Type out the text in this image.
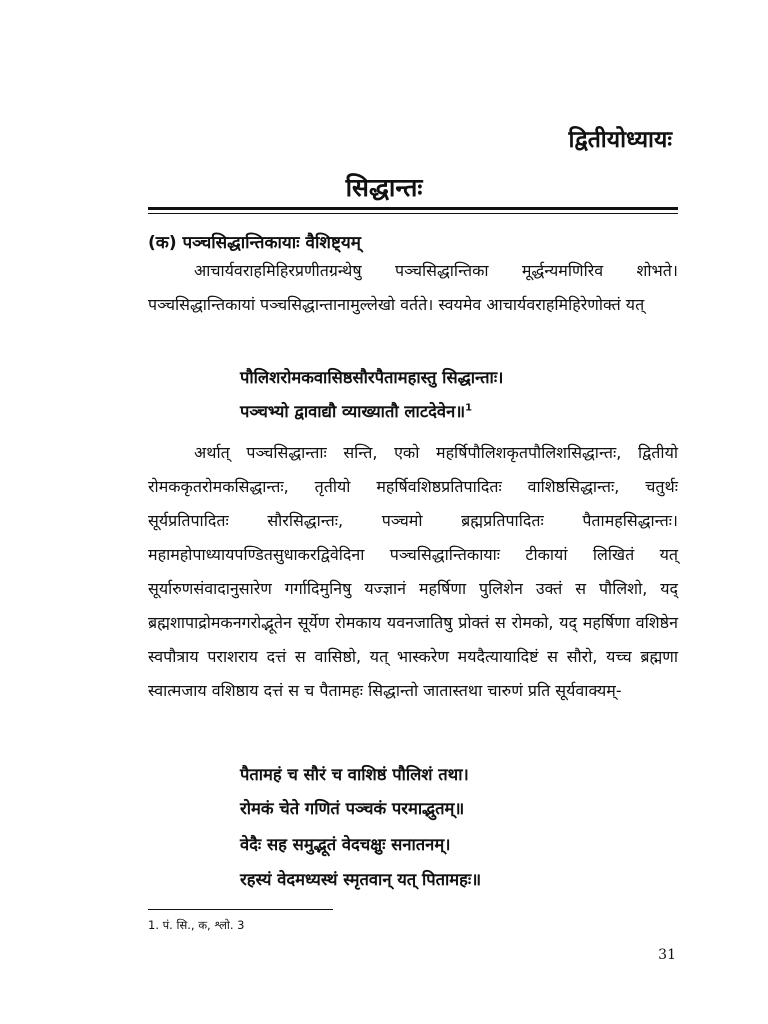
द्वितीयोध्यायः
सिद्धान्तः
(क) पञ्चसिद्धान्तिकायाः वैशिष्ट्यम्

आचार्यवराहमिहिरप्रणीतग्रन्थेषु पञ्चसिद्धान्तिका मूर्द्धन्यमणिरिव शोभते। पञ्चसिद्धान्तिकायां पञ्चसिद्धान्तानामुल्लेखो वर्तते। स्वयमेव आचार्यवराहमिहिरेणोक्तं यत्

पौलिशरोमकवासिष्ठसौरपैतामहास्तु सिद्धान्ताः।

पञ्चभ्यो द्वावाद्यौ व्याख्यातौ लाटदेवेन॥$^1$

अर्थात् पञ्चसिद्धान्ताः सन्ति, एको महर्षिपौलिशकृतपौलिशसिद्धान्तः, द्वितीयो रोमककृतरोमकसिद्धान्तः, तृतीयो महर्षिवशिष्ठप्रतिपादितः वाशिष्ठसिद्धान्तः, चतुर्थः सूर्यप्रतिपादितः सौरसिद्धान्तः, पञ्चमो ब्रह्मप्रतिपादितः पैतामहसिद्धान्तः। महामहोपाध्यायपण्डितसुधाकरद्विवेदिना पञ्चसिद्धान्तिकायाः टीकायां लिखितं यत् सूर्यारुणसंवादानुसारेण गर्गादिमुनिषु यज्ज्ञानं महर्षिणा पुलिशेन उक्तं स पौलिशो, यद् ब्रह्मशापाद्रोमकनगरोद्भूतेन सूर्येण रोमकाय यवनजातिषु प्रोक्तं स रोमको, यद् महर्षिणा वशिष्ठेन स्वपौत्राय पराशराय दत्तं स वासिष्ठो, यत् भास्करेण मयदैत्यायादिष्टं स सौरो, यच्च ब्रह्मणा स्वात्मजाय वशिष्ठाय दत्तं स च पैतामहः सिद्धान्तो जातास्तथा चारुणं प्रति सूर्यवाक्यम्-

पैतामहं च सौरं च वाशिष्ठं पौलिशं तथा।

रोमकं चेते गणितं पञ्चकं परमाद्भुतम्॥

वेदैः सह समुद्भूतं वेदचक्षुः सनातनम्।

रहस्यं वेदमध्यस्थं स्मृतवान् यत् पितामहः॥

1. पं. सि., क, श्लो. 3

31
